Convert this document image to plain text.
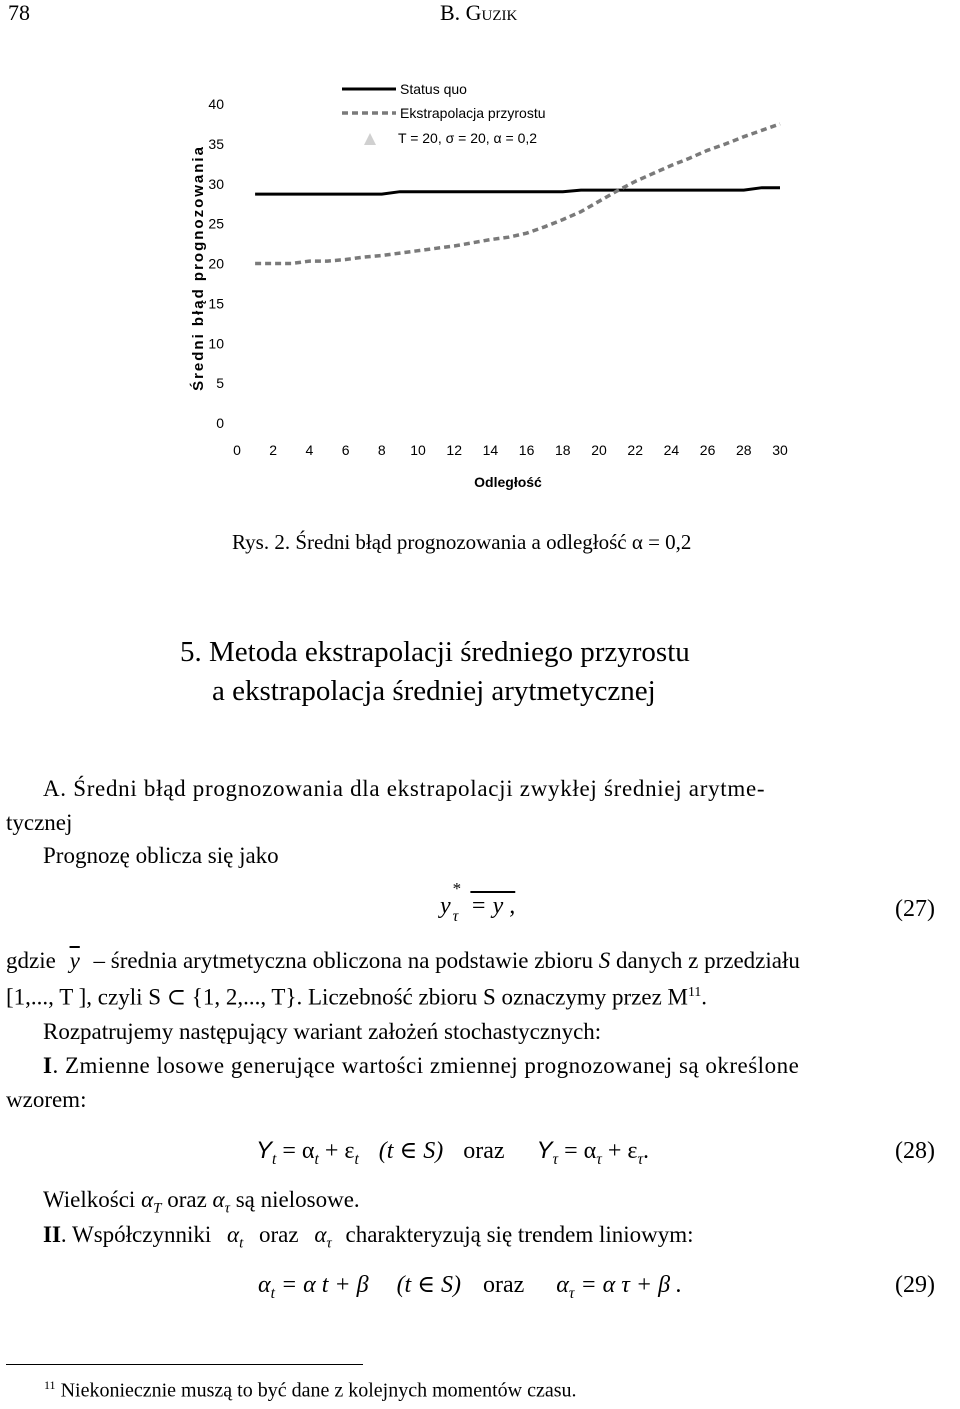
78	B. Guzik
Średni błąd prognozowania
0
5
10
15
20
25
30
35
40
0 2 4 6 8 10 12 14 16 18 20 22 24 26 28 30
Odległość
Status quo
Ekstrapolacja przyrostu
T = 20, σ = 20, α = 0,2
Rys. 2. Średni błąd prognozowania a odległość α = 0,2
5. Metoda ekstrapolacji średniego przyrostu
a ekstrapolacja średniej arytmetycznej
A. Średni błąd prognozowania dla ekstrapolacji zwykłej średniej arytme-
tycznej
Prognozę oblicza się jako
y
*
$_\tau$ = y ,	(27)
gdzie $\overline{y}$ – średnia arytmetyczna obliczona na podstawie zbioru S danych z przedziału
[1,..., T ], czyli S ⊂ {1, 2,..., T}. Liczebność zbioru S oznaczymy przez $M^{11}$.
Rozpatrujemy następujący wariant założeń stochastycznych:
I. Zmienne losowe generujące wartości zmiennej prognozowanej są określone
wzorem:
$Y_t = \alpha_t + \varepsilon_t$ (t ∈ S) oraz $Y_\tau = \alpha_\tau + \varepsilon_\tau$.	(28)
Wielkości $\alpha_T$ oraz $\alpha_\tau$ są nielosowe.
II. Współczynniki $\alpha_t$ oraz $\alpha_\tau$ charakteryzują się trendem liniowym:
$\alpha_t = \alpha$ t + β (t ∈ S) oraz $\alpha_\tau = \alpha$ τ + β .	(29)
$^{11}$ Niekoniecznie muszą to być dane z kolejnych momentów czasu.
